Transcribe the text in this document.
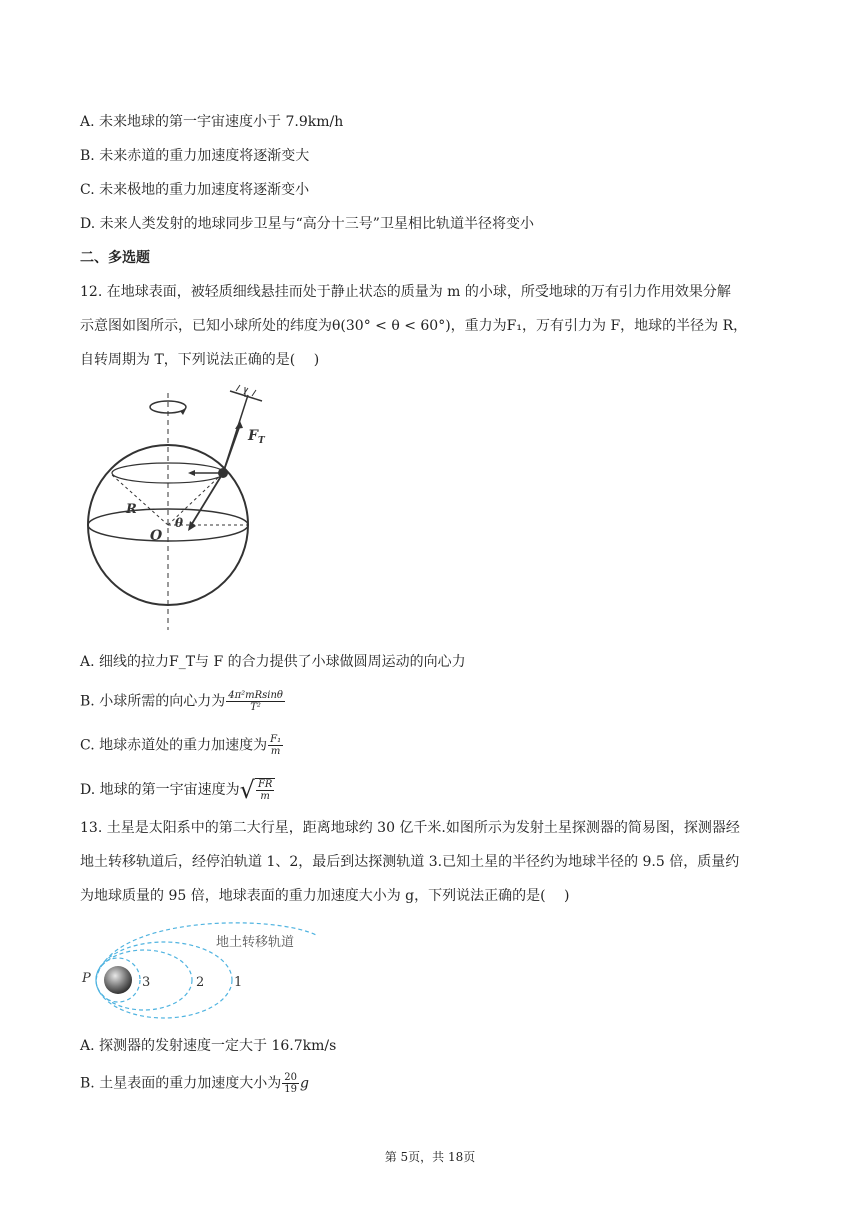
A. 未来地球的第一宇宙速度小于 7.9km/h
B. 未来赤道的重力加速度将逐渐变大
C. 未来极地的重力加速度将逐渐变小
D. 未来人类发射的地球同步卫星与“高分十三号”卫星相比轨道半径将变小
二、多选题
12. 在地球表面，被轻质细线悬挂而处于静止状态的质量为 m 的小球，所受地球的万有引力作用效果分解
示意图如图所示，已知小球所处的纬度为θ(30° < θ < 60°)，重力为F₁，万有引力为 F，地球的半径为 R，
自转周期为 T，下列说法正确的是(　 )
$F_T$
R
O
θ
A. 细线的拉力F_T与 F 的合力提供了小球做圆周运动的向心力
B. 小球所需的向心力为 $\frac{\text{4π²mRsinθ}}{\text{T²}}$
C. 地球赤道处的重力加速度为 $\frac{\text{F₁}}{m}$
D. 地球的第一宇宙速度为√ $\frac{FR}{m}$
13. 土星是太阳系中的第二大行星，距离地球约 30 亿千米.如图所示为发射土星探测器的简易图，探测器经
地土转移轨道后，经停泊轨道 1、2，最后到达探测轨道 3.已知土星的半径约为地球半径的 9.5 倍，质量约
为地球质量的 95 倍，地球表面的重力加速度大小为 g，下列说法正确的是(　 )
地土转移轨道
P	3	2 1
A. 探测器的发射速度一定大于 16.7km/s
B. 土星表面的重力加速度大小为 $\frac{20}{19}$ g
第 5页，共 18页
